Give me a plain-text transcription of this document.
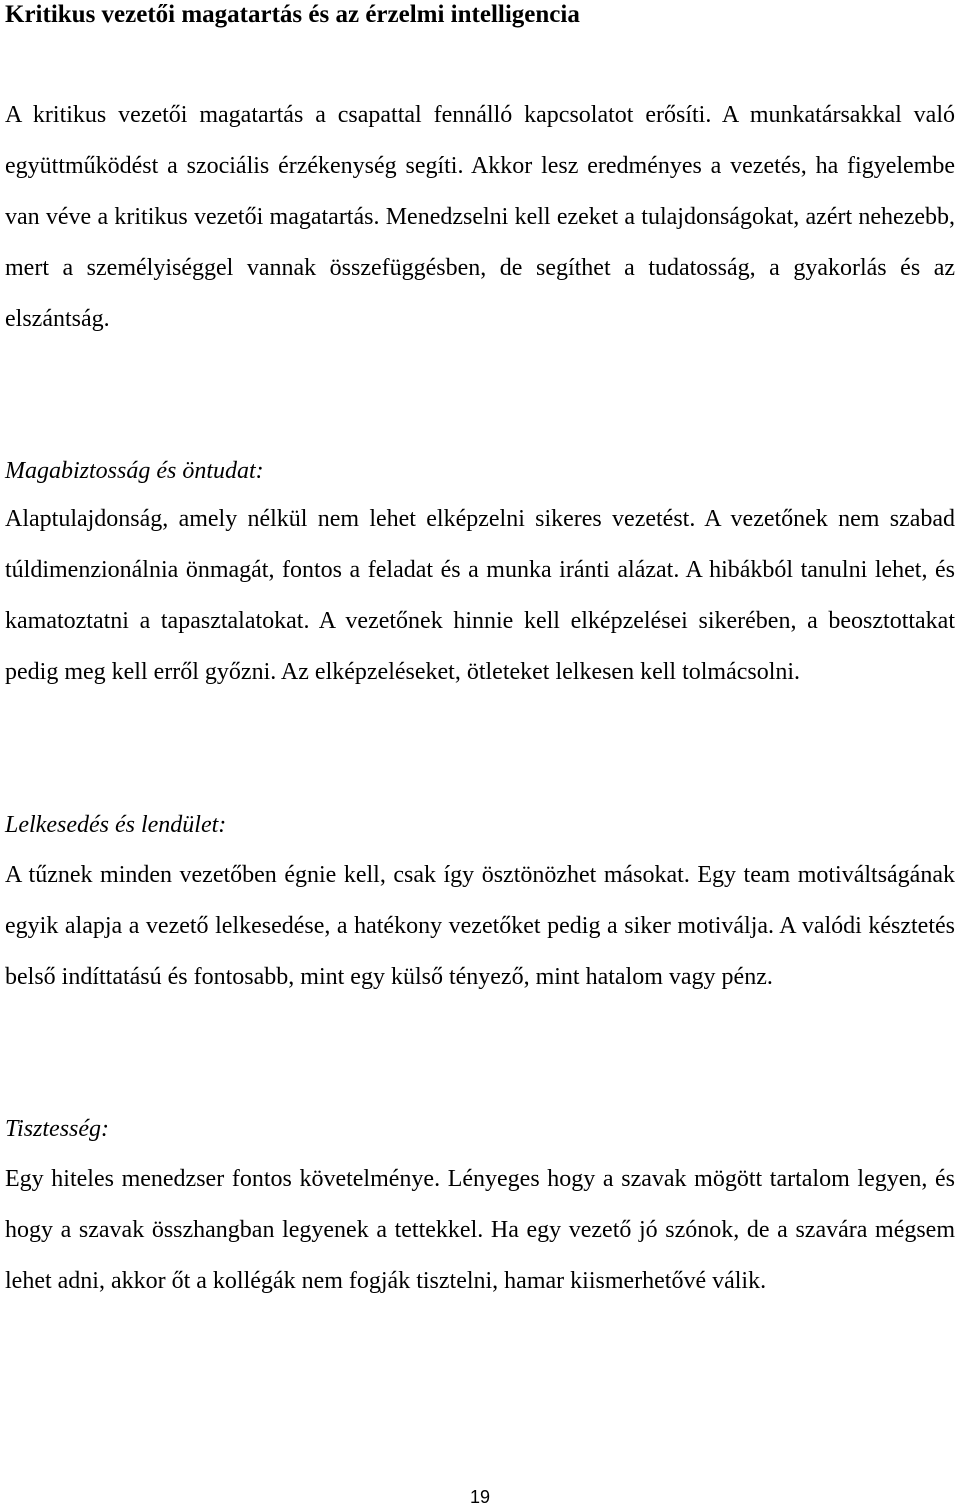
Kritikus vezetői magatartás és az érzelmi intelligencia

A kritikus vezetői magatartás a csapattal fennálló kapcsolatot erősíti. A munkatársakkal való együttműködést a szociális érzékenység segíti. Akkor lesz eredményes a vezetés, ha figyelembe van véve a kritikus vezetői magatartás. Menedzselni kell ezeket a tulajdonságokat, azért nehezebb, mert a személyiséggel vannak összefüggésben, de segíthet a tudatosság, a gyakorlás és az elszántság.

Magabiztosság és öntudat:

Alaptulajdonság, amely nélkül nem lehet elképzelni sikeres vezetést. A vezetőnek nem szabad túldimenzionálnia önmagát, fontos a feladat és a munka iránti alázat. A hibákból tanulni lehet, és kamatoztatni a tapasztalatokat. A vezetőnek hinnie kell elképzelései sikerében, a beosztottakat pedig meg kell erről győzni. Az elképzeléseket, ötleteket lelkesen kell tolmácsolni.

Lelkesedés és lendület:

A tűznek minden vezetőben égnie kell, csak így ösztönözhet másokat. Egy team motiváltságának egyik alapja a vezető lelkesedése, a hatékony vezetőket pedig a siker motiválja. A valódi késztetés belső indíttatású és fontosabb, mint egy külső tényező, mint hatalom vagy pénz.

Tisztesség:

Egy hiteles menedzser fontos követelménye. Lényeges hogy a szavak mögött tartalom legyen, és hogy a szavak összhangban legyenek a tettekkel. Ha egy vezető jó szónok, de a szavára mégsem lehet adni, akkor őt a kollégák nem fogják tisztelni, hamar kiismerhetővé válik.

19
